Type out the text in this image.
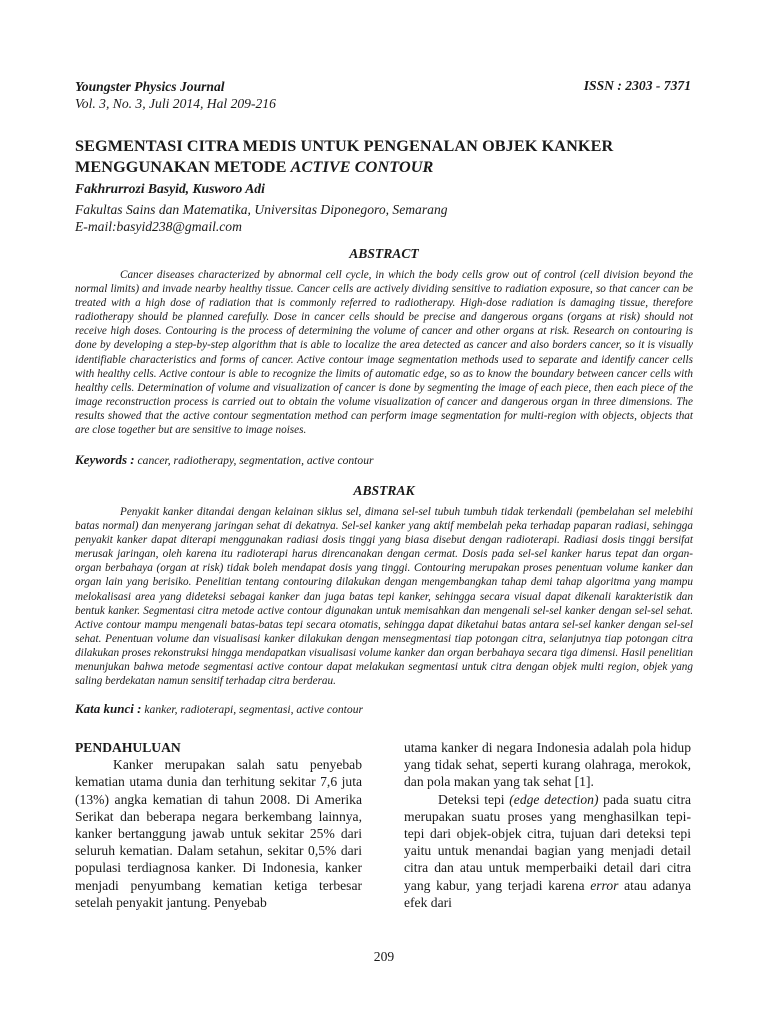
Youngster Physics Journal	ISSN : 2303 - 7371

Vol. 3, No. 3, Juli 2014, Hal 209-216

SEGMENTASI CITRA MEDIS UNTUK PENGENALAN OBJEK KANKER
MENGGUNAKAN METODE ACTIVE CONTOUR

Fakhrurrozi Basyid, Kusworo Adi

Fakultas Sains dan Matematika, Universitas Diponegoro, Semarang

E-mail:basyid238@gmail.com

ABSTRACT

Cancer diseases characterized by abnormal cell cycle, in which the body cells grow out of control (cell division beyond the normal limits) and invade nearby healthy tissue. Cancer cells are actively dividing sensitive to radiation exposure, so that cancer can be treated with a high dose of radiation that is commonly referred to radiotherapy. High-dose radiation is damaging tissue, therefore radiotherapy should be planned carefully. Dose in cancer cells should be precise and dangerous organs (organs at risk) should not receive high doses. Contouring is the process of determining the volume of cancer and other organs at risk. Research on contouring is done by developing a step-by-step algorithm that is able to localize the area detected as cancer and also borders cancer, so it is visually identifiable characteristics and forms of cancer. Active contour image segmentation methods used to separate and identify cancer cells with healthy cells. Active contour is able to recognize the limits of automatic edge, so as to know the boundary between cancer cells with healthy cells. Determination of volume and visualization of cancer is done by segmenting the image of each piece, then each piece of the image reconstruction process is carried out to obtain the volume visualization of cancer and dangerous organ in three dimensions. The results showed that the active contour segmentation method can perform image segmentation for multi-region with objects, objects that are close together but are sensitive to image noises.

Keywords : cancer, radiotherapy, segmentation, active contour

ABSTRAK

Penyakit kanker ditandai dengan kelainan siklus sel, dimana sel-sel tubuh tumbuh tidak terkendali (pembelahan sel melebihi batas normal) dan menyerang jaringan sehat di dekatnya. Sel-sel kanker yang aktif membelah peka terhadap paparan radiasi, sehingga penyakit kanker dapat diterapi menggunakan radiasi dosis tinggi yang biasa disebut dengan radioterapi. Radiasi dosis tinggi bersifat merusak jaringan, oleh karena itu radioterapi harus direncanakan dengan cermat. Dosis pada sel-sel kanker harus tepat dan organ-organ berbahaya (organ at risk) tidak boleh mendapat dosis yang tinggi. Contouring merupakan proses penentuan volume kanker dan organ lain yang berisiko. Penelitian tentang contouring dilakukan dengan mengembangkan tahap demi tahap algoritma yang mampu melokalisasi area yang dideteksi sebagai kanker dan juga batas tepi kanker, sehingga secara visual dapat dikenali karakteristik dan bentuk kanker. Segmentasi citra metode active contour digunakan untuk memisahkan dan mengenali sel-sel kanker dengan sel-sel sehat. Active contour mampu mengenali batas-batas tepi secara otomatis, sehingga dapat diketahui batas antara sel-sel kanker dengan sel-sel sehat. Penentuan volume dan visualisasi kanker dilakukan dengan mensegmentasi tiap potongan citra, selanjutnya tiap potongan citra dilakukan proses rekonstruksi hingga mendapatkan visualisasi volume kanker dan organ berbahaya secara tiga dimensi. Hasil penelitian menunjukan bahwa metode segmentasi active contour dapat melakukan segmentasi untuk citra dengan objek multi region, objek yang saling berdekatan namun sensitif terhadap citra berderau.

Kata kunci : kanker, radioterapi, segmentasi, active contour

PENDAHULUAN
Kanker merupakan salah satu penyebab kematian utama dunia dan terhitung sekitar 7,6 juta (13%) angka kematian di tahun 2008. Di Amerika Serikat dan beberapa negara berkembang lainnya, kanker bertanggung jawab untuk sekitar 25% dari seluruh kematian. Dalam setahun, sekitar 0,5% dari populasi terdiagnosa kanker. Di Indonesia, kanker menjadi penyumbang kematian ketiga terbesar setelah penyakit jantung. Penyebab
utama kanker di negara Indonesia adalah pola hidup yang tidak sehat, seperti kurang olahraga, merokok, dan pola makan yang tak sehat [1].
Deteksi tepi (edge detection) pada suatu citra merupakan suatu proses yang menghasilkan tepi-tepi dari objek-objek citra, tujuan dari deteksi tepi yaitu untuk menandai bagian yang menjadi detail citra dan atau untuk memperbaiki detail dari citra yang kabur, yang terjadi karena error atau adanya efek dari

209
